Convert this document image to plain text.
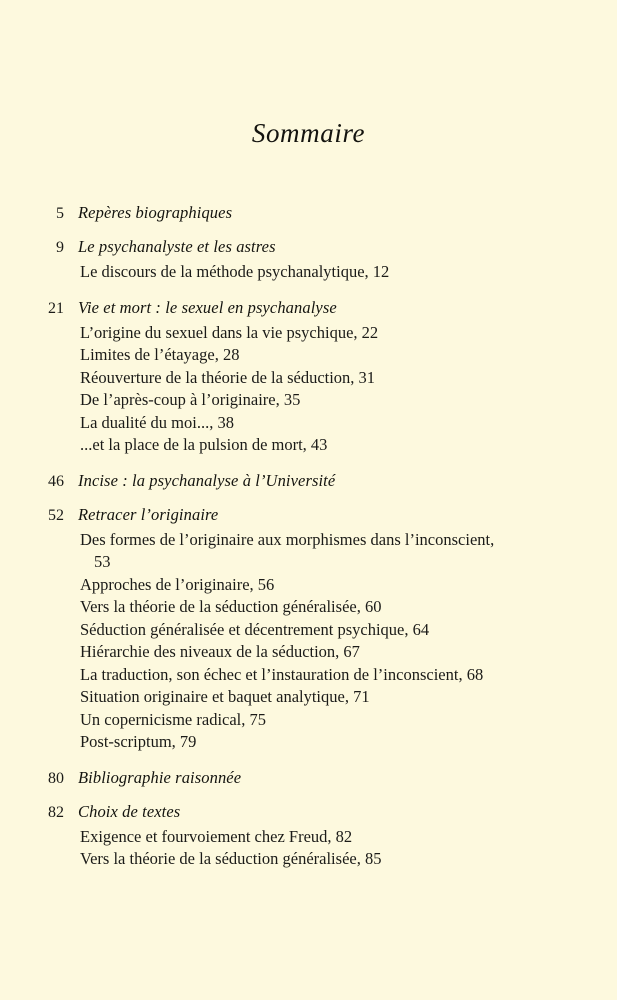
Sommaire
5 Repères biographiques
9 Le psychanalyste et les astres
Le discours de la méthode psychanalytique, 12
21 Vie et mort : le sexuel en psychanalyse
L’origine du sexuel dans la vie psychique, 22
Limites de l’étayage, 28
Réouverture de la théorie de la séduction, 31
De l’après-coup à l’originaire, 35
La dualité du moi..., 38
...et la place de la pulsion de mort, 43
46 Incise : la psychanalyse à l’Université
52 Retracer l’originaire
Des formes de l’originaire aux morphismes dans l’inconscient, 53
Approches de l’originaire, 56
Vers la théorie de la séduction généralisée, 60
Séduction généralisée et décentrement psychique, 64
Hiérarchie des niveaux de la séduction, 67
La traduction, son échec et l’instauration de l’inconscient, 68
Situation originaire et baquet analytique, 71
Un copernicisme radical, 75
Post-scriptum, 79
80 Bibliographie raisonnée
82 Choix de textes
Exigence et fourvoiement chez Freud, 82
Vers la théorie de la séduction généralisée, 85
